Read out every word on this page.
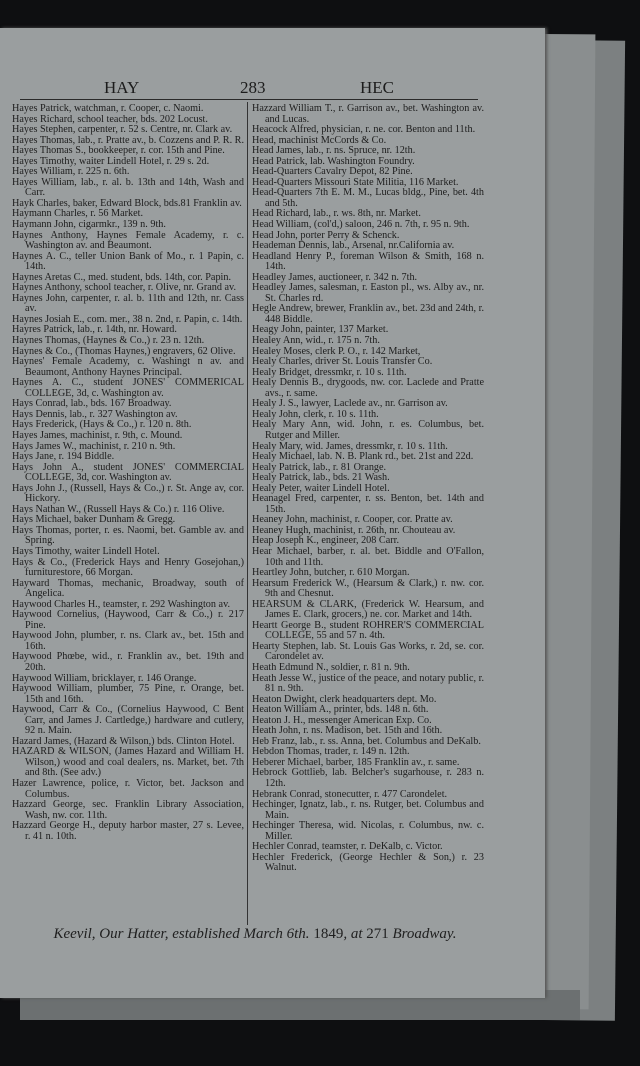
HAY	283	HEC
Hayes Patrick, watchman, r. Cooper, c. Naomi.
Hayes Richard, school teacher, bds. 202 Locust.
Hayes Stephen, carpenter, r. 52 s. Centre, nr. Clark av.
Hayes Thomas, lab., r. Pratte av., b. Cozzens and P. R. R.
Hayes Thomas S., bookkeeper, r. cor. 15th and Pine.
Hayes Timothy, waiter Lindell Hotel, r. 29 s. 2d.
Hayes William, r. 225 n. 6th.
Hayes William, lab., r. al. b. 13th and 14th, Wash and Carr.
Hayk Charles, baker, Edward Block, bds.81 Franklin av.
Haymann Charles, r. 56 Market.
Haymann John, cigarmkr., 139 n. 9th.
Haynes Anthony, Haynes Female Academy, r. c. Washington av. and Beaumont.
Haynes A. C., teller Union Bank of Mo., r. 1 Papin, c. 14th.
Haynes Aretas C., med. student, bds. 14th, cor. Papin.
Haynes Anthony, school teacher, r. Olive, nr. Grand av.
Haynes John, carpenter, r. al. b. 11th and 12th, nr. Cass av.
Haynes Josiah E., com. mer., 38 n. 2nd, r. Papin, c. 14th.
Hayres Patrick, lab., r. 14th, nr. Howard.
Haynes Thomas, (Haynes & Co.,) r. 23 n. 12th.
Haynes & Co., (Thomas Haynes,) engravers, 62 Olive.
Haynes' Female Academy, c. Washingt n av. and Beaumont, Anthony Haynes Principal.
Haynes A. C., student JONES' COMMERICAL COLLEGE, 3d, c. Washington av.
Hays Conrad, lab., bds. 167 Broadway.
Hays Dennis, lab., r. 327 Washington av.
Hays Frederick, (Hays & Co.,) r. 120 n. 8th.
Hayes James, machinist, r. 9th, c. Mound.
Hays James W., machinist, r. 210 n. 9th.
Hays Jane, r. 194 Biddle.
Hays John A., student JONES' COMMERCIAL COLLEGE, 3d, cor. Washington av.
Hays John J., (Russell, Hays & Co.,) r. St. Ange av, cor. Hickory.
Hays Nathan W., (Russell Hays & Co.) r. 116 Olive.
Hays Michael, baker Dunham & Gregg.
Hays Thomas, porter, r. es. Naomi, bet. Gamble av. and Spring.
Hays Timothy, waiter Lindell Hotel.
Hays & Co., (Frederick Hays and Henry Gosejohan,) furniturestore, 66 Morgan.
Hayward Thomas, mechanic, Broadway, south of Angelica.
Haywood Charles H., teamster, r. 292 Washington av.
Haywood Cornelius, (Haywood, Carr & Co.,) r. 217 Pine.
Haywood John, plumber, r. ns. Clark av., bet. 15th and 16th.
Haywood Phœbe, wid., r. Franklin av., bet. 19th and 20th.
Haywood William, bricklayer, r. 146 Orange.
Haywood William, plumber, 75 Pine, r. Orange, bet. 15th and 16th.
Haywood, Carr & Co., (Cornelius Haywood, C Bent Carr, and James J. Cartledge,) hardware and cutlery, 92 n. Main.
Hazard James, (Hazard & Wilson,) bds. Clinton Hotel.
HAZARD & WILSON, (James Hazard and William H. Wilson,) wood and coal dealers, ns. Market, bet. 7th and 8th. (See adv.)
Hazer Lawrence, police, r. Victor, bet. Jackson and Columbus.
Hazzard George, sec. Franklin Library Association, Wash, nw. cor. 11th.
Hazzard George H., deputy harbor master, 27 s. Levee, r. 41 n. 10th.
Hazzard William T., r. Garrison av., bet. Washington av. and Lucas.
Heacock Alfred, physician, r. ne. cor. Benton and 11th.
Head, machinist McCords & Co.
Head James, lab., r. ns. Spruce, nr. 12th.
Head Patrick, lab. Washington Foundry.
Head-Quarters Cavalry Depot, 82 Pine.
Head-Quarters Missouri State Militia, 116 Market.
Head-Quarters 7th E. M. M., Lucas bldg., Pine, bet. 4th and 5th.
Head Richard, lab., r. ws. 8th, nr. Market.
Head William, (col'd,) saloon, 246 n. 7th, r. 95 n. 9th.
Head John, porter Perry & Schenck.
Heademan Dennis, lab., Arsenal, nr.California av.
Headland Henry P., foreman Wilson & Smith, 168 n. 14th.
Headley James, auctioneer, r. 342 n. 7th.
Headley James, salesman, r. Easton pl., ws. Alby av., nr. St. Charles rd.
Hegle Andrew, brewer, Franklin av., bet. 23d and 24th, r. 448 Biddle.
Heagy John, painter, 137 Market.
Healey Ann, wid., r. 175 n. 7th.
Healey Moses, clerk P. O., r. 142 Market,
Healy Charles, driver St. Louis Transfer Co.
Healy Bridget, dressmkr, r. 10 s. 11th.
Healy Dennis B., drygoods, nw. cor. Laclede and Pratte avs., r. same.
Healy J. S., lawyer, Laclede av., nr. Garrison av.
Healy John, clerk, r. 10 s. 11th.
Healy Mary Ann, wid. John, r. es. Columbus, bet. Rutger and Miller.
Healy Mary, wid. James, dressmkr, r. 10 s. 11th.
Healy Michael, lab. N. B. Plank rd., bet. 21st and 22d.
Healy Patrick, lab., r. 81 Orange.
Healy Patrick, lab., bds. 21 Wash.
Healy Peter, waiter Lindell Hotel.
Heanagel Fred, carpenter, r. ss. Benton, bet. 14th and 15th.
Heaney John, machinist, r. Cooper, cor. Pratte av.
Heaney Hugh, machinist, r. 26th, nr. Chouteau av.
Heap Joseph K., engineer, 208 Carr.
Hear Michael, barber, r. al. bet. Biddle and O'Fallon, 10th and 11th.
Heartley John, butcher, r. 610 Morgan.
Hearsum Frederick W., (Hearsum & Clark,) r. nw. cor. 9th and Chesnut.
HEARSUM & CLARK, (Frederick W. Hearsum, and James E. Clark, grocers,) ne. cor. Market and 14th.
Heartt George B., student ROHRER'S COMMERCIAL COLLEGE, 55 and 57 n. 4th.
Hearty Stephen, lab. St. Louis Gas Works, r. 2d, se. cor. Carondelet av.
Heath Edmund N., soldier, r. 81 n. 9th.
Heath Jesse W., justice of the peace, and notary public, r. 81 n. 9th.
Heaton Dwight, clerk headquarters dept. Mo.
Heaton William A., printer, bds. 148 n. 6th.
Heaton J. H., messenger American Exp. Co.
Heath John, r. ns. Madison, bet. 15th and 16th.
Heb Franz, lab., r. ss. Anna, bet. Columbus and DeKalb.
Hebdon Thomas, trader, r. 149 n. 12th.
Heberer Michael, barber, 185 Franklin av., r. same.
Hebrock Gottlieb, lab. Belcher's sugarhouse, r. 283 n. 12th.
Hebrank Conrad, stonecutter, r. 477 Carondelet.
Hechinger, Ignatz, lab., r. ns. Rutger, bet. Columbus and Main.
Hechinger Theresa, wid. Nicolas, r. Columbus, nw. c. Miller.
Hechler Conrad, teamster, r. DeKalb, c. Victor.
Hechler Frederick, (George Hechler & Son,) r. 23 Walnut.
Keevil, Our Hatter, established March 6th. 1849, at 271 Broadway.
